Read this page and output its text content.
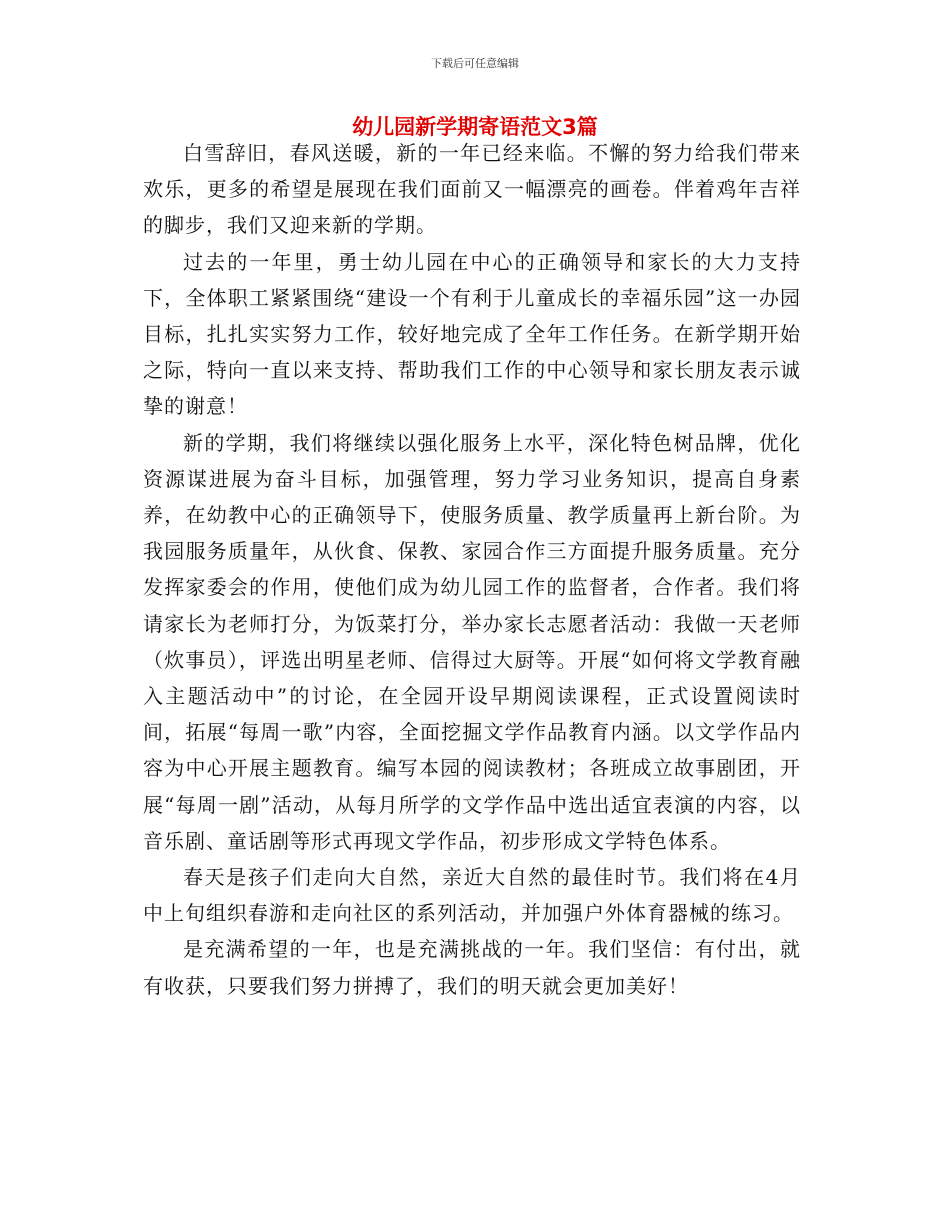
下载后可任意编辑
幼儿园新学期寄语范文3篇

白雪辞旧，春风送暖，新的一年已经来临。不懈的努力给我们带来欢乐，更多的希望是展现在我们面前又一幅漂亮的画卷。伴着鸡年吉祥的脚步，我们又迎来新的学期。

过去的一年里，勇士幼儿园在中心的正确领导和家长的大力支持下，全体职工紧紧围绕“建设一个有利于儿童成长的幸福乐园”这一办园目标，扎扎实实努力工作，较好地完成了全年工作任务。在新学期开始之际，特向一直以来支持、帮助我们工作的中心领导和家长朋友表示诚挚的谢意！

新的学期，我们将继续以强化服务上水平，深化特色树品牌，优化资源谋进展为奋斗目标，加强管理，努力学习业务知识，提高自身素养，在幼教中心的正确领导下，使服务质量、教学质量再上新台阶。为我园服务质量年，从伙食、保教、家园合作三方面提升服务质量。充分发挥家委会的作用，使他们成为幼儿园工作的监督者，合作者。我们将请家长为老师打分，为饭菜打分，举办家长志愿者活动：我做一天老师（炊事员），评选出明星老师、信得过大厨等。开展“如何将文学教育融入主题活动中”的讨论，在全园开设早期阅读课程，正式设置阅读时间，拓展“每周一歌”内容，全面挖掘文学作品教育内涵。以文学作品内容为中心开展主题教育。编写本园的阅读教材；各班成立故事剧团，开展“每周一剧”活动，从每月所学的文学作品中选出适宜表演的内容，以音乐剧、童话剧等形式再现文学作品，初步形成文学特色体系。

春天是孩子们走向大自然，亲近大自然的最佳时节。我们将在4月中上旬组织春游和走向社区的系列活动，并加强户外体育器械的练习。

是充满希望的一年，也是充满挑战的一年。我们坚信：有付出，就有收获，只要我们努力拼搏了，我们的明天就会更加美好！
